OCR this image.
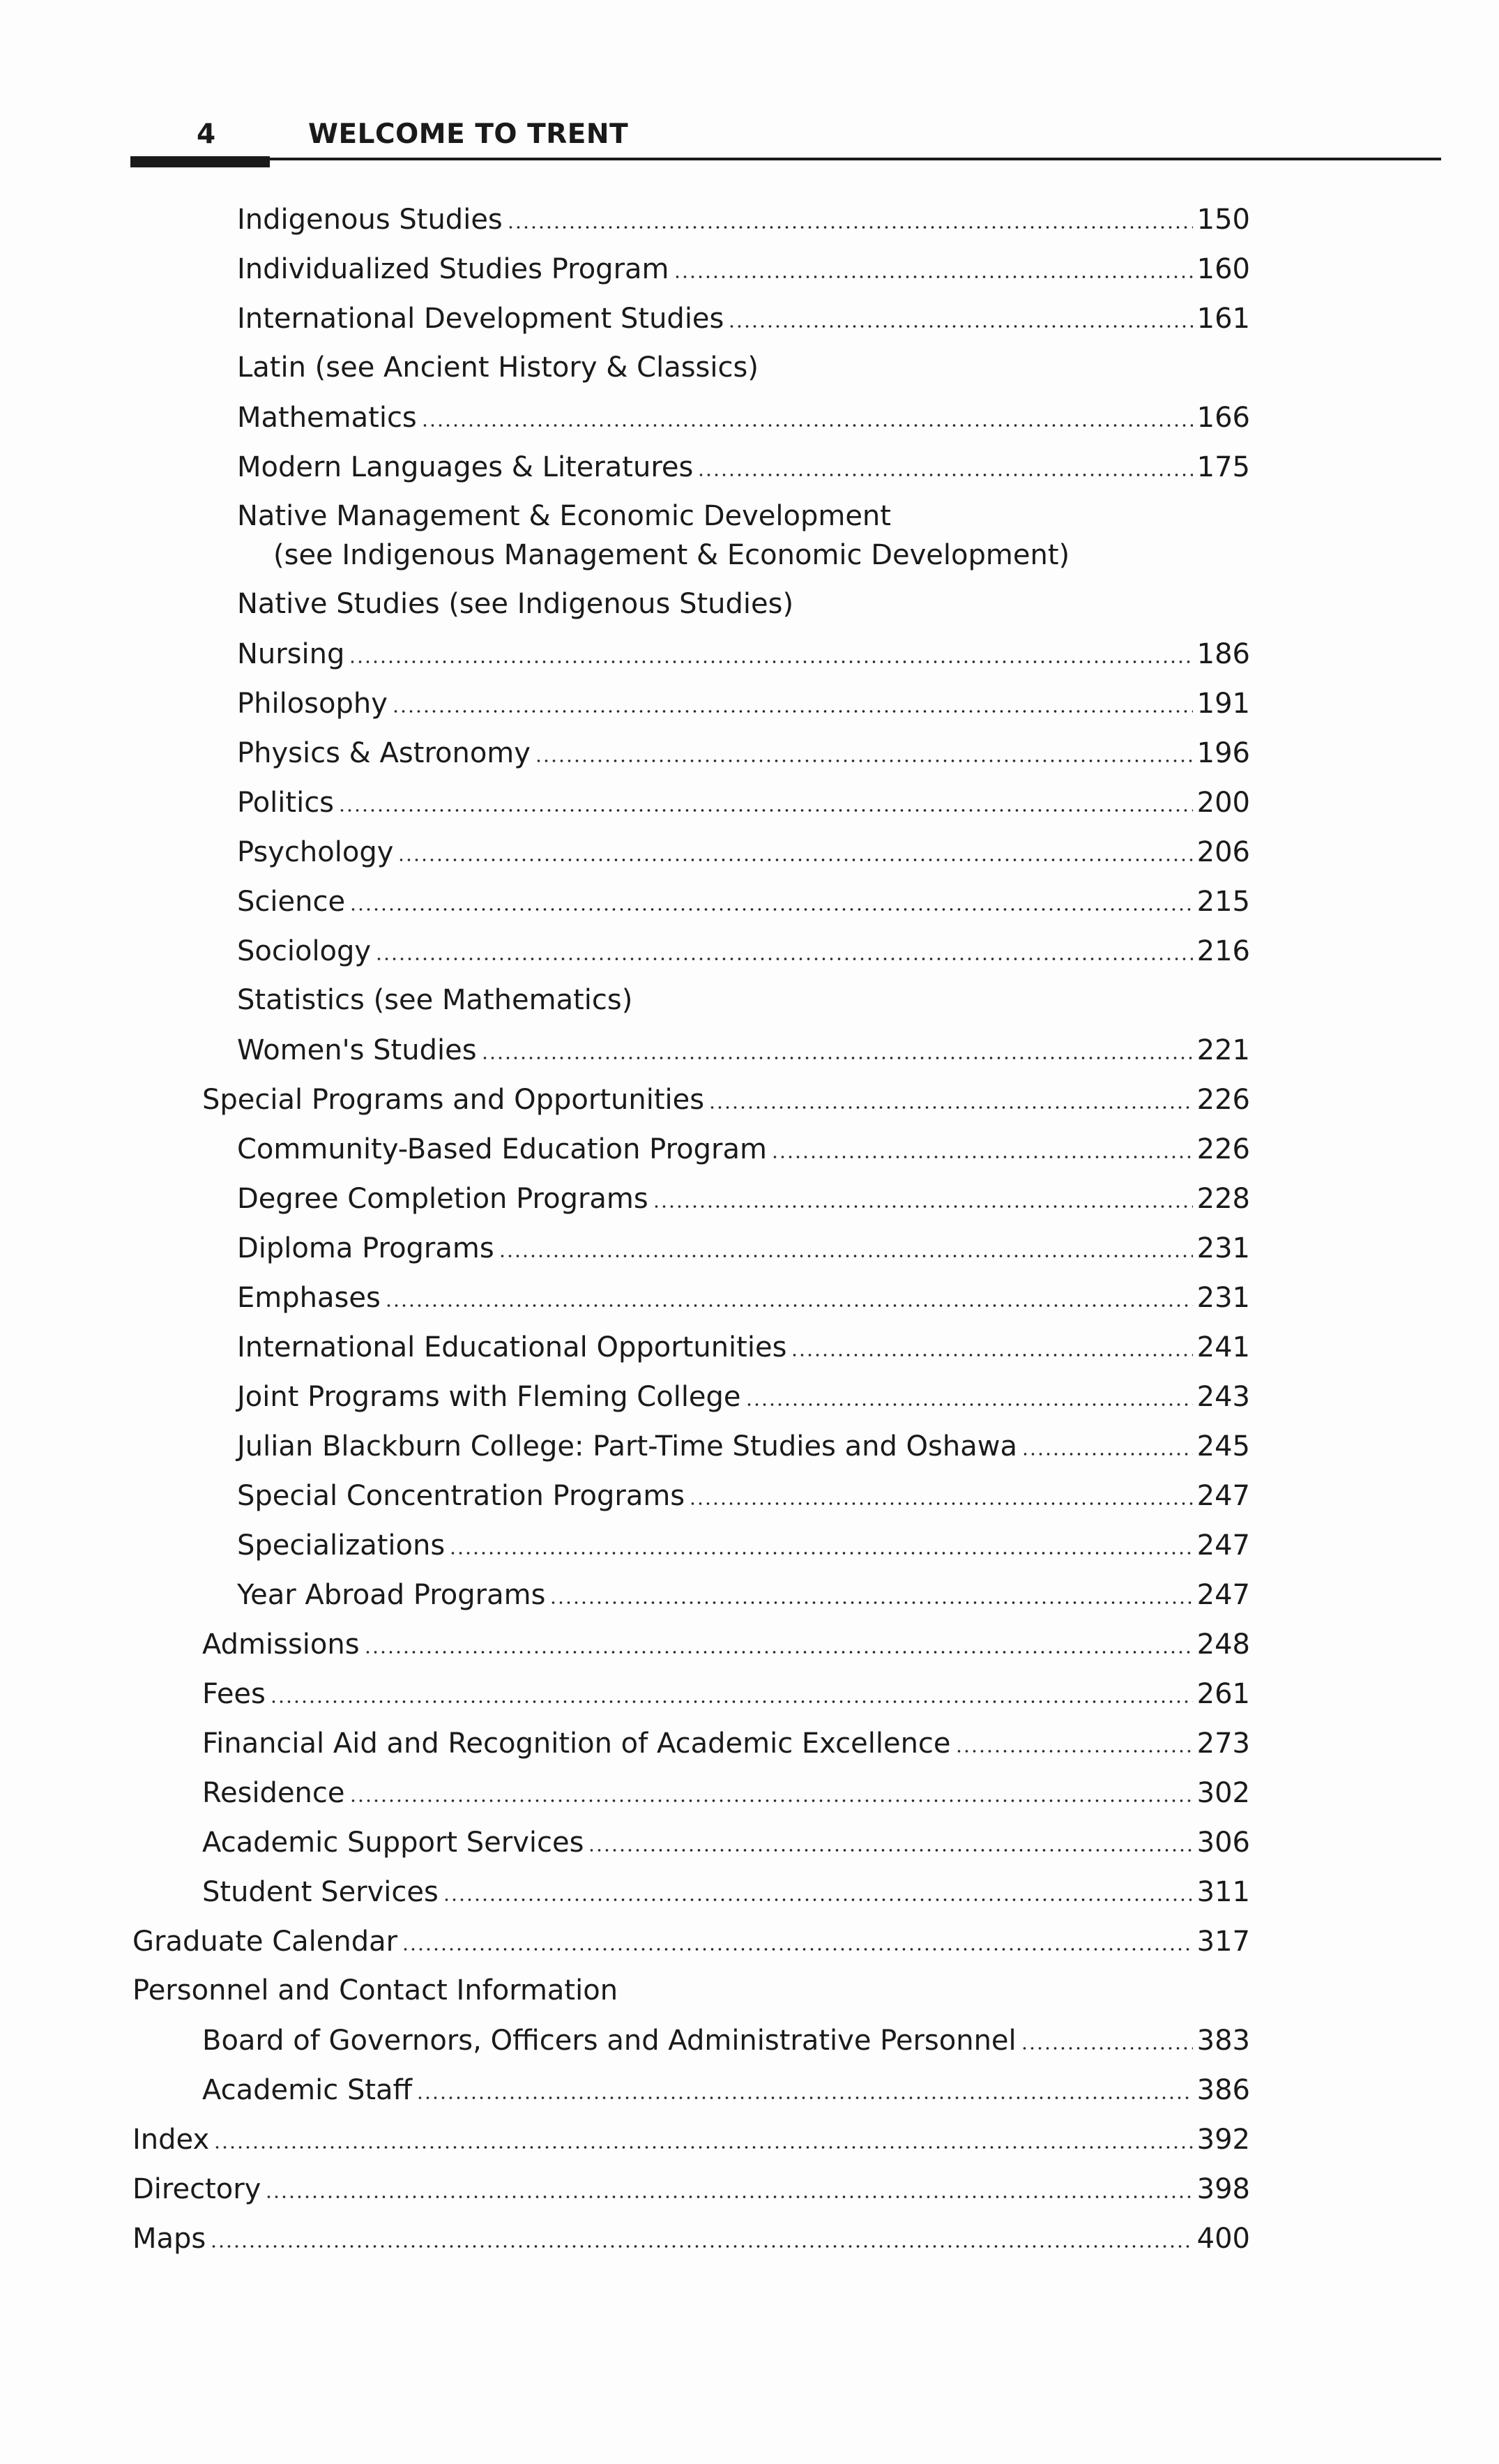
4	WELCOME TO TRENT
Indigenous Studies	150
Individualized Studies Program	160
International Development Studies	161
Latin (see Ancient History & Classics)
Mathematics	166
Modern Languages & Literatures	175
Native Management & Economic Development
(see Indigenous Management & Economic Development)
Native Studies (see Indigenous Studies)
Nursing	186
Philosophy	191
Physics & Astronomy	196
Politics	200
Psychology	206
Science	215
Sociology	216
Statistics (see Mathematics)
Women's Studies	221
Special Programs and Opportunities	226
Community-Based Education Program	226
Degree Completion Programs	228
Diploma Programs	231
Emphases	231
International Educational Opportunities	241
Joint Programs with Fleming College	243
Julian Blackburn College: Part-Time Studies and Oshawa	245
Special Concentration Programs	247
Specializations	247
Year Abroad Programs	247
Admissions	248
Fees	261
Financial Aid and Recognition of Academic Excellence	273
Residence	302
Academic Support Services	306
Student Services	311
Graduate Calendar	317
Personnel and Contact Information
Board of Governors, Officers and Administrative Personnel	383
Academic Staff	386
Index	392
Directory	398
Maps	400
